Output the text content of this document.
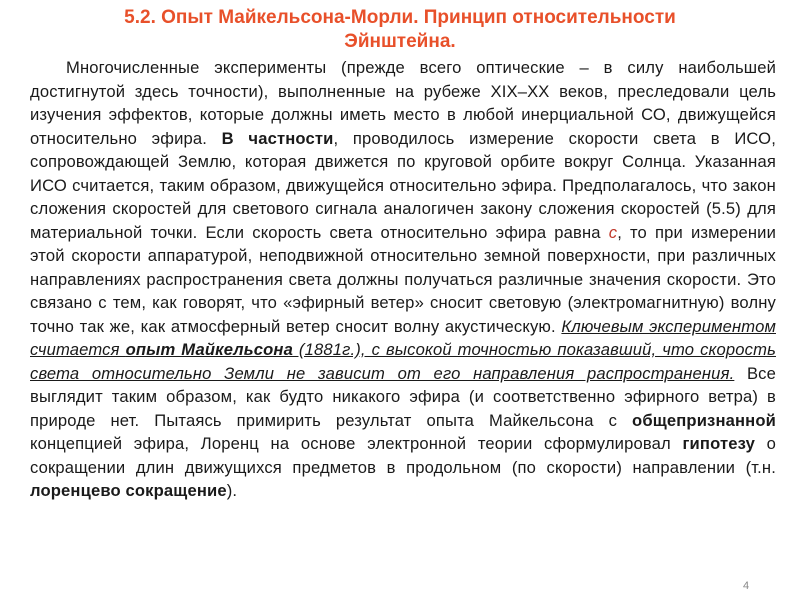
5.2. Опыт Майкельсона-Морли. Принцип относительности
Эйнштейна.
Многочисленные эксперименты (прежде всего оптические – в силу наибольшей достигнутой здесь точности), выполненные на рубеже XIX–XX веков, преследовали цель изучения эффектов, которые должны иметь место в любой инерциальной СО, движущейся относительно эфира. В частности, проводилось измерение скорости света в ИСО, сопровождающей Землю, которая движется по круговой орбите вокруг Солнца. Указанная ИСО считается, таким образом, движущейся относительно эфира. Предполагалось, что закон сложения скоростей для светового сигнала аналогичен закону сложения скоростей (5.5) для материальной точки. Если скорость света относительно эфира равна c, то при измерении этой скорости аппаратурой, неподвижной относительно земной поверхности, при различных направлениях распространения света должны получаться различные значения скорости. Это связано с тем, как говорят, что «эфирный ветер» сносит световую (электромагнитную) волну точно так же, как атмосферный ветер сносит волну акустическую. Ключевым экспериментом считается опыт Майкельсона (1881г.), с высокой точностью показавший, что скорость света относительно Земли не зависит от его направления распространения. Все выглядит таким образом, как будто никакого эфира (и соответственно эфирного ветра) в природе нет. Пытаясь примирить результат опыта Майкельсона с общепризнанной концепцией эфира, Лоренц на основе электронной теории сформулировал гипотезу о сокращении длин движущихся предметов в продольном (по скорости) направлении (т.н. лоренцево сокращение).
4
